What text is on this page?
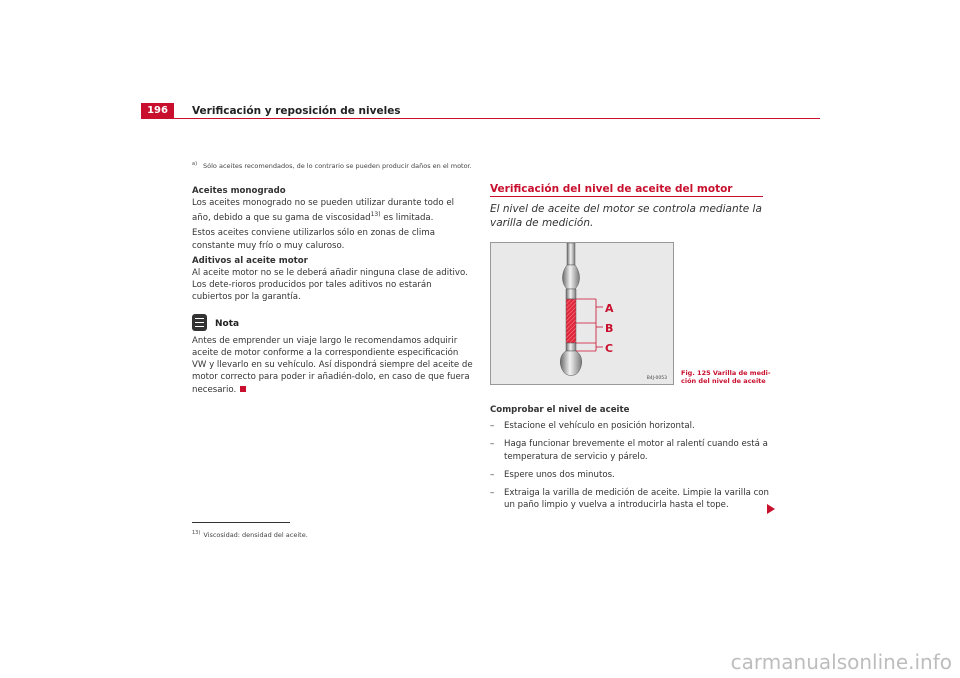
196	Verificación y reposición de niveles
$^{a)}$ Sólo aceites recomendados, de lo contrario se pueden producir daños en el motor.
Aceites monogrado

Los aceites monogrado no se pueden utilizar durante todo el año, debido a que su gama de viscosidad$^{13)}$ es limitada.

Estos aceites conviene utilizarlos sólo en zonas de clima constante muy frío o muy caluroso.

Aditivos al aceite motor

Al aceite motor no se le deberá añadir ninguna clase de aditivo. Los dete-rioros producidos por tales aditivos no estarán cubiertos por la garantía.

Nota

Antes de emprender un viaje largo le recomendamos adquirir aceite de motor conforme a la correspondiente especificación VW y llevarlo en su vehículo. Así dispondrá siempre del aceite de motor correcto para poder ir añadién-dolo, en caso de que fuera necesario.

$^{13)}$ Viscosidad: densidad del aceite.
Verificación del nivel de aceite del motor
El nivel de aceite del motor se controla mediante la varilla de medición.
A
B
C
B4J-0053
Fig. 125 Varilla de medi-ción del nivel de aceite
Comprobar el nivel de aceite
–	Estacione el vehículo en posición horizontal.
–	Haga funcionar brevemente el motor al ralentí cuando está a temperatura de servicio y párelo.
–	Espere unos dos minutos.
–	Extraiga la varilla de medición de aceite. Limpie la varilla con un paño limpio y vuelva a introducirla hasta el tope.
carmanualsonline.info
